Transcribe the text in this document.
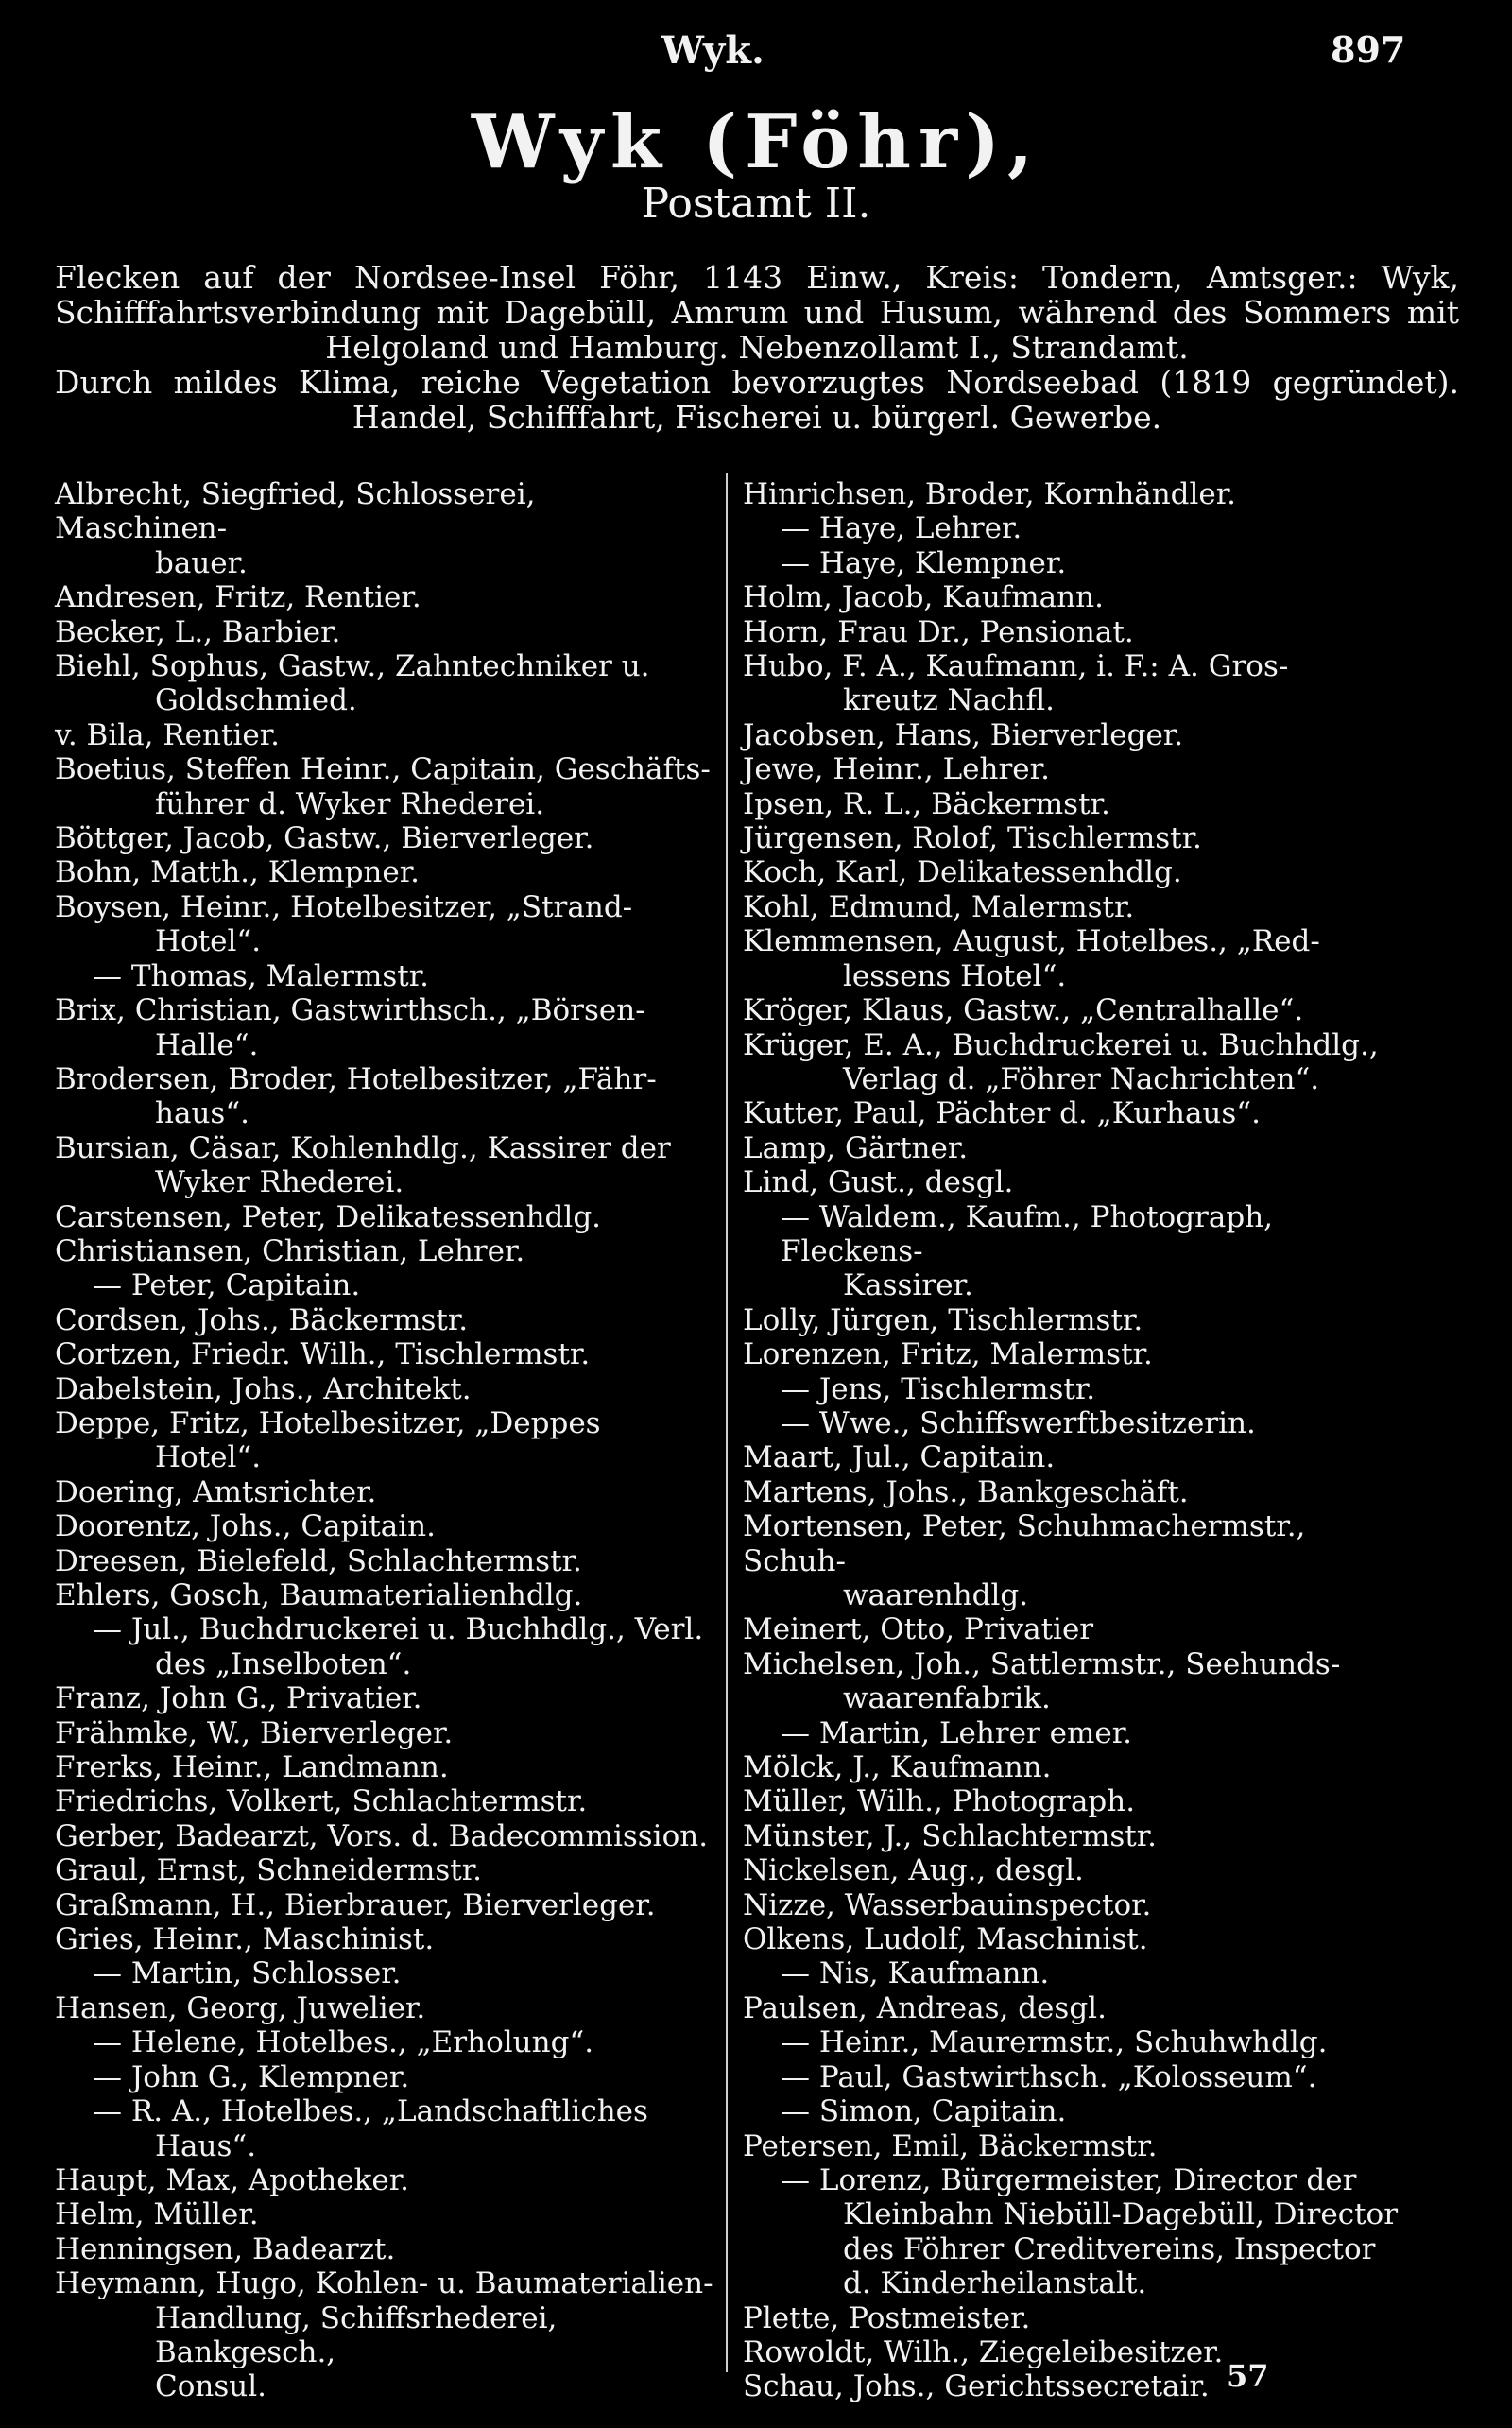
Wyk.	897
Wyk (Föhr),
Postamt II.
Flecken auf der Nordsee-Insel Föhr, 1143 Einw., Kreis: Tondern, Amtsger.: Wyk,
Schifffahrtsverbindung mit Dagebüll, Amrum und Husum, während des Sommers mit
Helgoland und Hamburg. Nebenzollamt I., Strandamt.
Durch mildes Klima, reiche Vegetation bevorzugtes Nordseebad (1819 gegründet).
Handel, Schifffahrt, Fischerei u. bürgerl. Gewerbe.
Albrecht, Siegfried, Schlosserei, Maschinen-
bauer.
Andresen, Fritz, Rentier.
Becker, L., Barbier.
Biehl, Sophus, Gastw., Zahntechniker u.
Goldschmied.
v. Bila, Rentier.
Boetius, Steffen Heinr., Capitain, Geschäfts-
führer d. Wyker Rhederei.
Böttger, Jacob, Gastw., Bierverleger.
Bohn, Matth., Klempner.
Boysen, Heinr., Hotelbesitzer, „Strand-
Hotel“.
— Thomas, Malermstr.
Brix, Christian, Gastwirthsch., „Börsen-
Halle“.
Brodersen, Broder, Hotelbesitzer, „Fähr-
haus“.
Bursian, Cäsar, Kohlenhdlg., Kassirer der
Wyker Rhederei.
Carstensen, Peter, Delikatessenhdlg.
Christiansen, Christian, Lehrer.
— Peter, Capitain.
Cordsen, Johs., Bäckermstr.
Cortzen, Friedr. Wilh., Tischlermstr.
Dabelstein, Johs., Architekt.
Deppe, Fritz, Hotelbesitzer, „Deppes
Hotel“.
Doering, Amtsrichter.
Doorentz, Johs., Capitain.
Dreesen, Bielefeld, Schlachtermstr.
Ehlers, Gosch, Baumaterialienhdlg.
— Jul., Buchdruckerei u. Buchhdlg., Verl.
des „Inselboten“.
Franz, John G., Privatier.
Frähmke, W., Bierverleger.
Frerks, Heinr., Landmann.
Friedrichs, Volkert, Schlachtermstr.
Gerber, Badearzt, Vors. d. Badecommission.
Graul, Ernst, Schneidermstr.
Graßmann, H., Bierbrauer, Bierverleger.
Gries, Heinr., Maschinist.
— Martin, Schlosser.
Hansen, Georg, Juwelier.
— Helene, Hotelbes., „Erholung“.
— John G., Klempner.
— R. A., Hotelbes., „Landschaftliches
Haus“.
Haupt, Max, Apotheker.
Helm, Müller.
Henningsen, Badearzt.
Heymann, Hugo, Kohlen- u. Baumaterialien-
Handlung, Schiffsrhederei, Bankgesch.,
Consul.
Hinrichsen, Broder, Kornhändler.
— Haye, Lehrer.
— Haye, Klempner.
Holm, Jacob, Kaufmann.
Horn, Frau Dr., Pensionat.
Hubo, F. A., Kaufmann, i. F.: A. Gros-
kreutz Nachfl.
Jacobsen, Hans, Bierverleger.
Jewe, Heinr., Lehrer.
Ipsen, R. L., Bäckermstr.
Jürgensen, Rolof, Tischlermstr.
Koch, Karl, Delikatessenhdlg.
Kohl, Edmund, Malermstr.
Klemmensen, August, Hotelbes., „Red-
lessens Hotel“.
Kröger, Klaus, Gastw., „Centralhalle“.
Krüger, E. A., Buchdruckerei u. Buchhdlg.,
Verlag d. „Föhrer Nachrichten“.
Kutter, Paul, Pächter d. „Kurhaus“.
Lamp, Gärtner.
Lind, Gust., desgl.
— Waldem., Kaufm., Photograph, Fleckens-
Kassirer.
Lolly, Jürgen, Tischlermstr.
Lorenzen, Fritz, Malermstr.
— Jens, Tischlermstr.
— Wwe., Schiffswerftbesitzerin.
Maart, Jul., Capitain.
Martens, Johs., Bankgeschäft.
Mortensen, Peter, Schuhmachermstr., Schuh-
waarenhdlg.
Meinert, Otto, Privatier
Michelsen, Joh., Sattlermstr., Seehunds-
waarenfabrik.
— Martin, Lehrer emer.
Mölck, J., Kaufmann.
Müller, Wilh., Photograph.
Münster, J., Schlachtermstr.
Nickelsen, Aug., desgl.
Nizze, Wasserbauinspector.
Olkens, Ludolf, Maschinist.
— Nis, Kaufmann.
Paulsen, Andreas, desgl.
— Heinr., Maurermstr., Schuhwhdlg.
— Paul, Gastwirthsch. „Kolosseum“.
— Simon, Capitain.
Petersen, Emil, Bäckermstr.
— Lorenz, Bürgermeister, Director der
Kleinbahn Niebüll-Dagebüll, Director
des Föhrer Creditvereins, Inspector
d. Kinderheilanstalt.
Plette, Postmeister.
Rowoldt, Wilh., Ziegeleibesitzer.
Schau, Johs., Gerichtssecretair. 57
